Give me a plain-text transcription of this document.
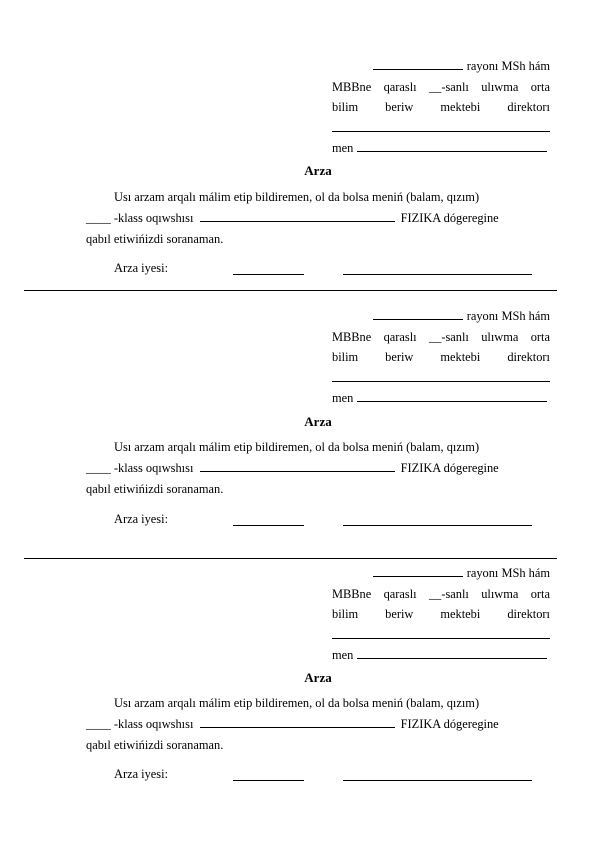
rayonı MSh hám
MBBne qaraslı __-sanlı ulıwma orta
bilim beriw mektebi direktorı
men
Arza
Usı arzam arqalı málim etip bildiremen, ol da bolsa meniń (balam, qızım)
____ -klass oqıwshısı	FIZIKA dógeregine
qabıl etiwińizdi soranaman.
Arza iyesi:
rayonı MSh hám
MBBne qaraslı __-sanlı ulıwma orta
bilim beriw mektebi direktorı
men
Arza
Usı arzam arqalı málim etip bildiremen, ol da bolsa meniń (balam, qızım)
____ -klass oqıwshısı	FIZIKA dógeregine
qabıl etiwińizdi soranaman.
Arza iyesi:
rayonı MSh hám
MBBne qaraslı __-sanlı ulıwma orta
bilim beriw mektebi direktorı
men
Arza
Usı arzam arqalı málim etip bildiremen, ol da bolsa meniń (balam, qızım)
____ -klass oqıwshısı	FIZIKA dógeregine
qabıl etiwińizdi soranaman.
Arza iyesi:
